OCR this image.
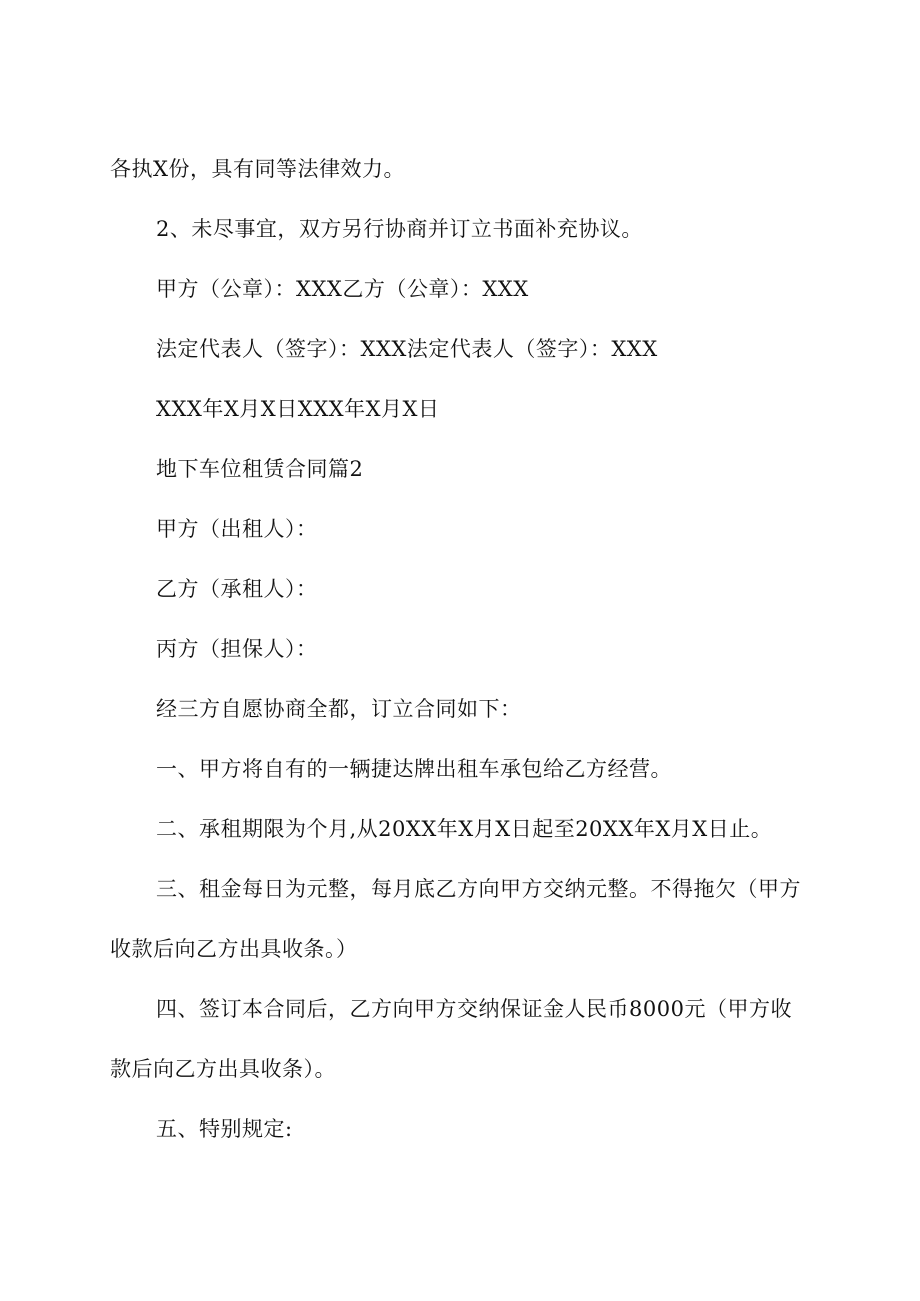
各执X份，具有同等法律效力。

2、未尽事宜，双方另行协商并订立书面补充协议。

甲方（公章）：XXX乙方（公章）：XXX

法定代表人（签字）：XXX法定代表人（签字）：XXX

XXX年X月X日XXX年X月X日

地下车位租赁合同篇2

甲方（出租人）：

乙方（承租人）：

丙方（担保人）：

经三方自愿协商全都，订立合同如下：

一、甲方将自有的一辆捷达牌出租车承包给乙方经营。

二、承租期限为个月,从20XX年X月X日起至20XX年X月X日止。

三、租金每日为元整，每月底乙方向甲方交纳元整。不得拖欠（甲方收款后向乙方出具收条。）

四、签订本合同后，乙方向甲方交纳保证金人民币8000元（甲方收款后向乙方出具收条）。

五、特别规定:
